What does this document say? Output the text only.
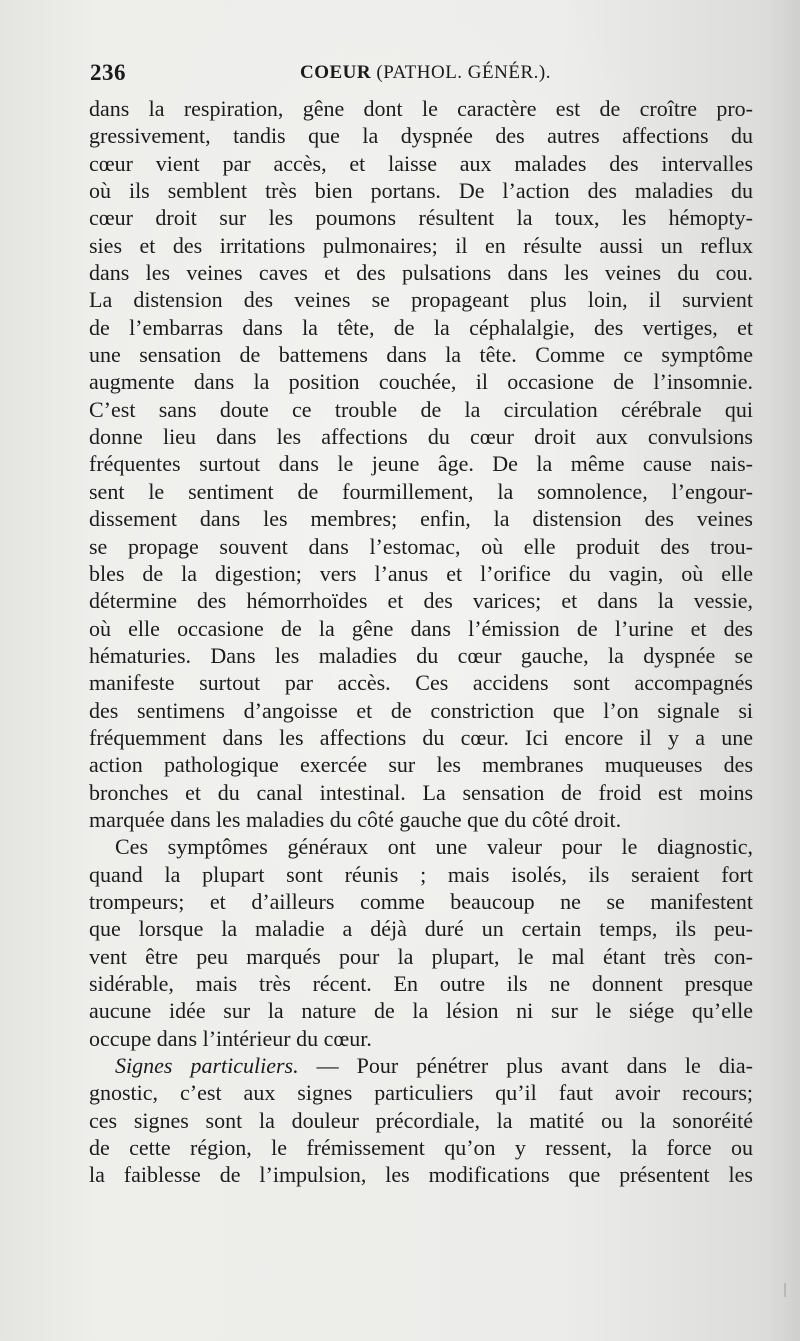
236	COEUR (PATHOL. GÉNÉR.).
dans la respiration, gêne dont le caractère est de croître pro-
gressivement, tandis que la dyspnée des autres affections du
cœur vient par accès, et laisse aux malades des intervalles
où ils semblent très bien portans. De l’action des maladies du
cœur droit sur les poumons résultent la toux, les hémopty-
sies et des irritations pulmonaires; il en résulte aussi un reflux
dans les veines caves et des pulsations dans les veines du cou.
La distension des veines se propageant plus loin, il survient
de l’embarras dans la tête, de la céphalalgie, des vertiges, et
une sensation de battemens dans la tête. Comme ce symptôme
augmente dans la position couchée, il occasione de l’insomnie.
C’est sans doute ce trouble de la circulation cérébrale qui
donne lieu dans les affections du cœur droit aux convulsions
fréquentes surtout dans le jeune âge. De la même cause nais-
sent le sentiment de fourmillement, la somnolence, l’engour-
dissement dans les membres; enfin, la distension des veines
se propage souvent dans l’estomac, où elle produit des trou-
bles de la digestion; vers l’anus et l’orifice du vagin, où elle
détermine des hémorrhoïdes et des varices; et dans la vessie,
où elle occasione de la gêne dans l’émission de l’urine et des
hématuries. Dans les maladies du cœur gauche, la dyspnée se
manifeste surtout par accès. Ces accidens sont accompagnés
des sentimens d’angoisse et de constriction que l’on signale si
fréquemment dans les affections du cœur. Ici encore il y a une
action pathologique exercée sur les membranes muqueuses des
bronches et du canal intestinal. La sensation de froid est moins
marquée dans les maladies du côté gauche que du côté droit.
Ces symptômes généraux ont une valeur pour le diagnostic,
quand la plupart sont réunis ; mais isolés, ils seraient fort
trompeurs; et d’ailleurs comme beaucoup ne se manifestent
que lorsque la maladie a déjà duré un certain temps, ils peu-
vent être peu marqués pour la plupart, le mal étant très con-
sidérable, mais très récent. En outre ils ne donnent presque
aucune idée sur la nature de la lésion ni sur le siége qu’elle
occupe dans l’intérieur du cœur.
Signes particuliers. — Pour pénétrer plus avant dans le dia-
gnostic, c’est aux signes particuliers qu’il faut avoir recours;
ces signes sont la douleur précordiale, la matité ou la sonoréité
de cette région, le frémissement qu’on y ressent, la force ou
la faiblesse de l’impulsion, les modifications que présentent les
